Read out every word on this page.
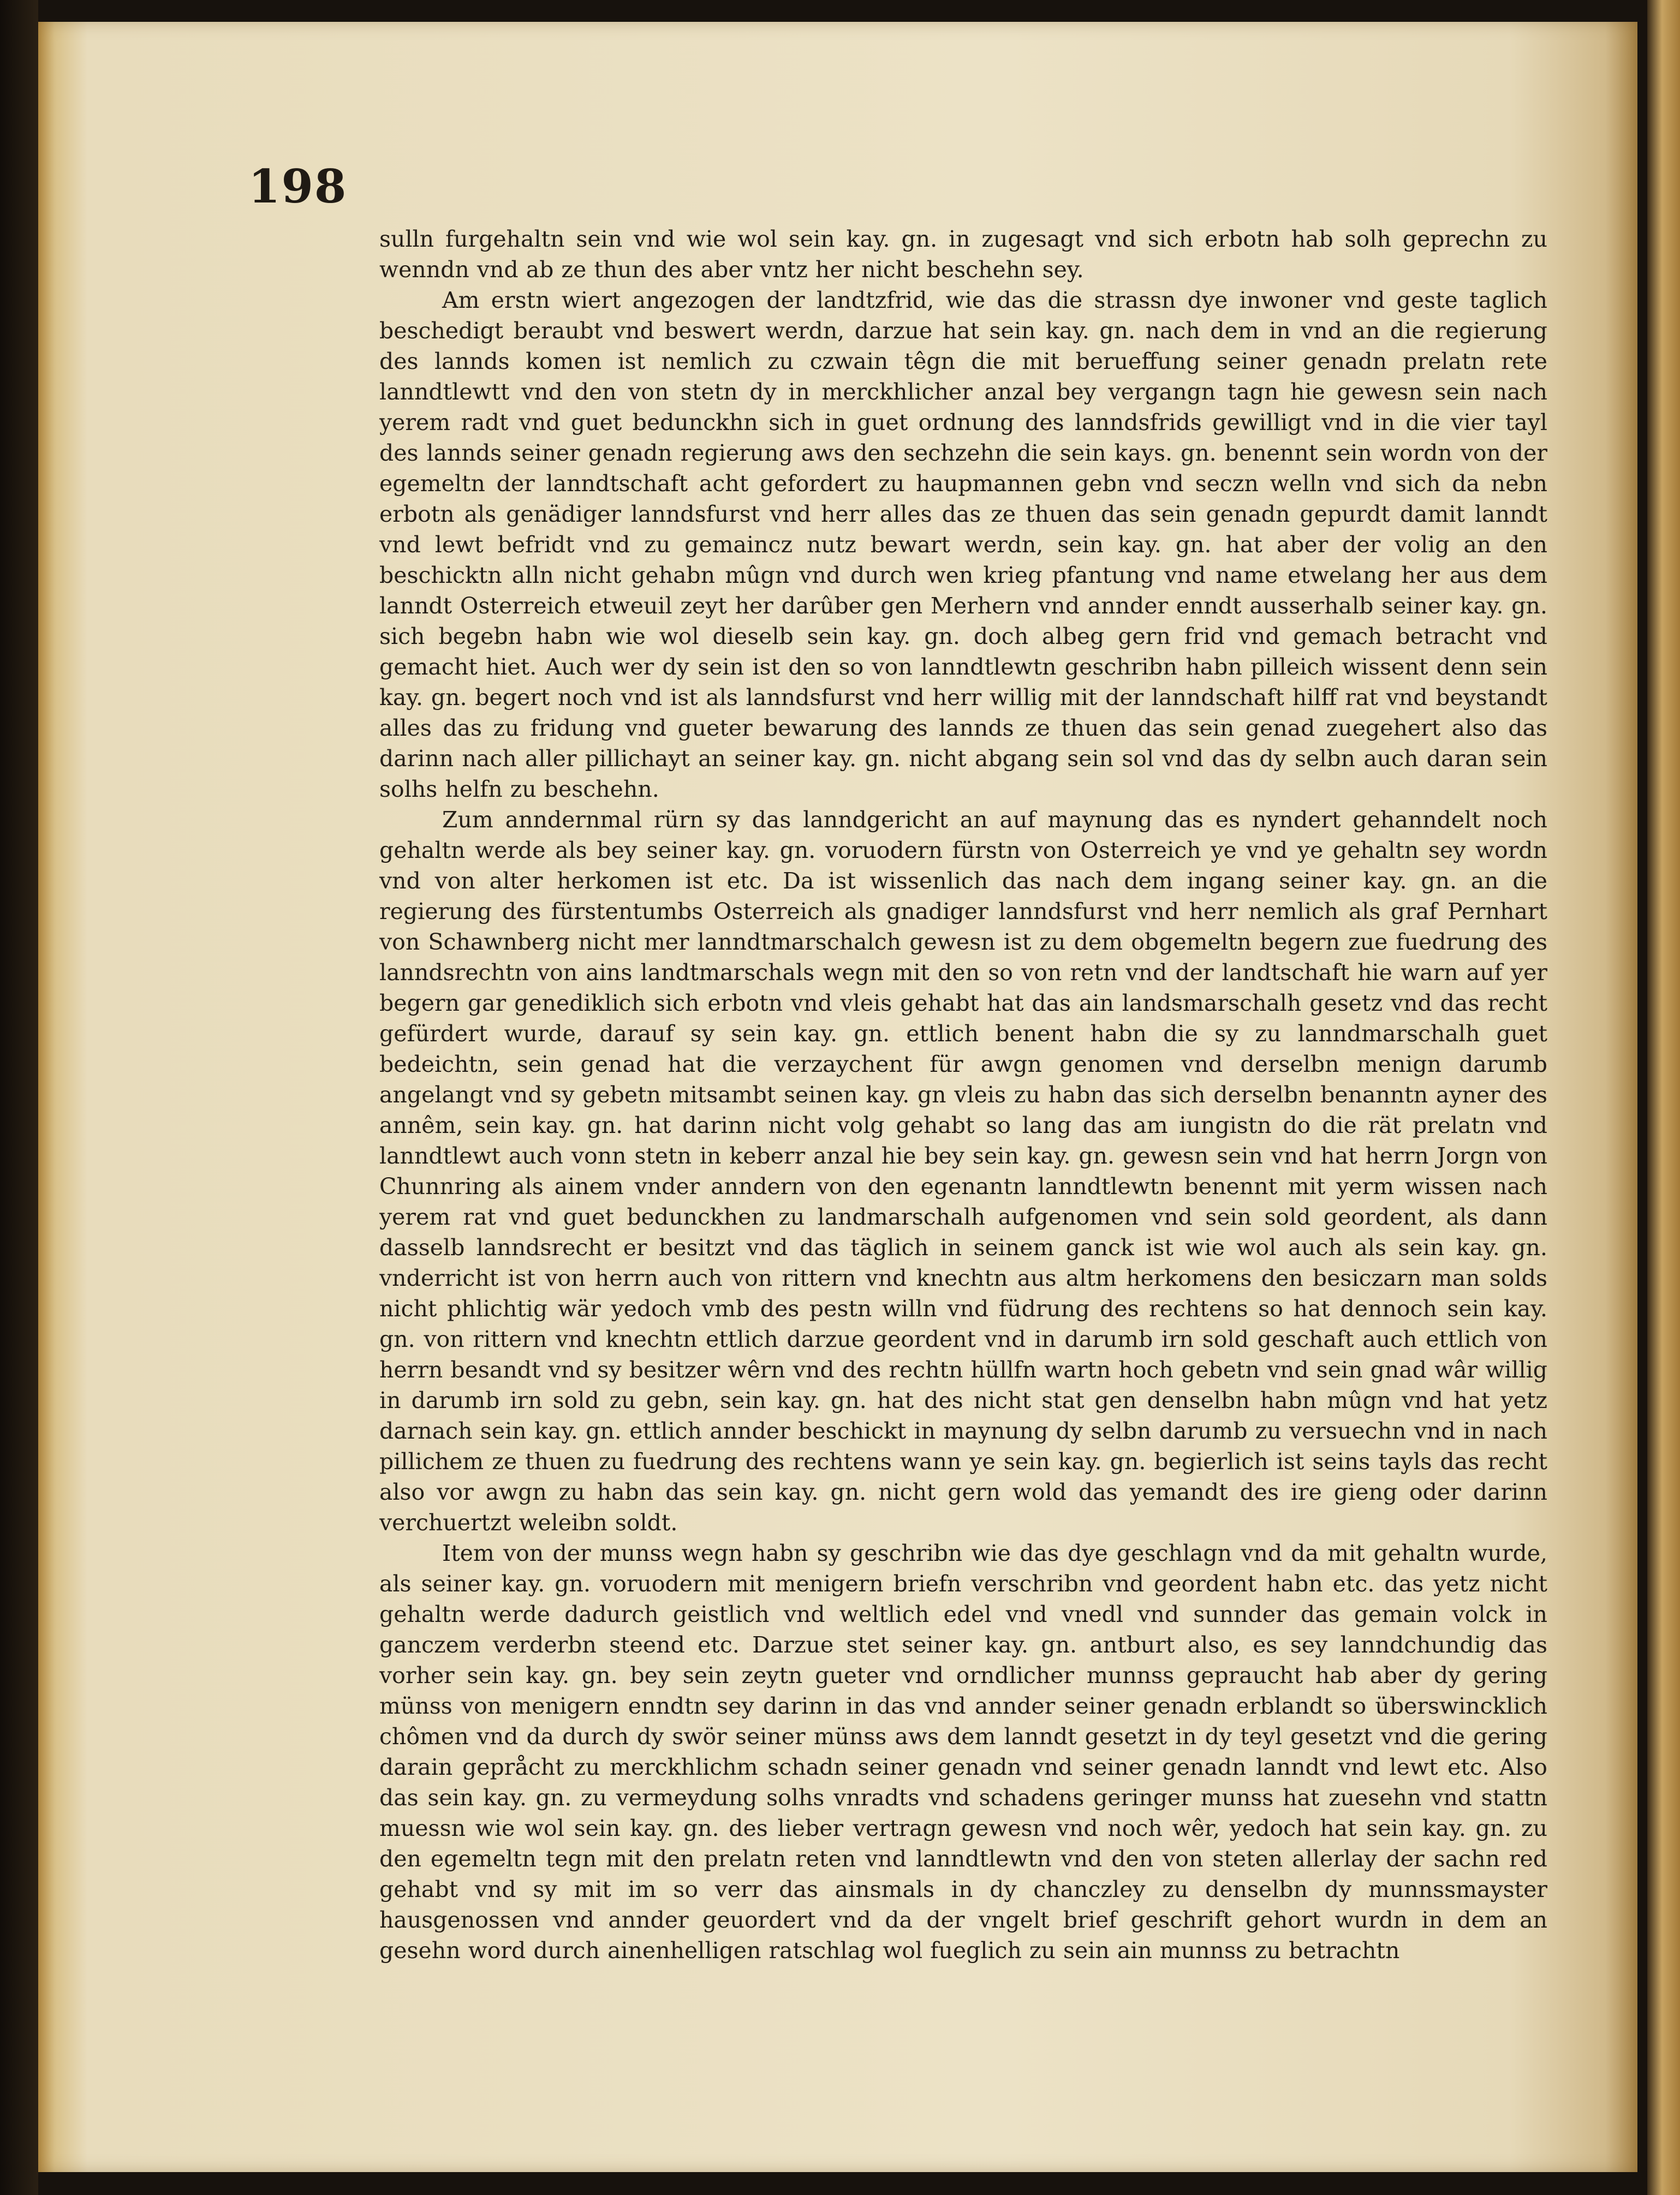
198

sulln furgehaltn sein vnd wie wol sein kay. gn. in zugesagt vnd sich erbotn hab solh geprechn zu wenndn vnd ab ze thun des aber vntz her nicht beschehn sey.

Am erstn wiert angezogen der landtzfrid, wie das die strassn dye inwoner vnd geste taglich beschedigt beraubt vnd beswert werdn, darzue hat sein kay. gn. nach dem in vnd an die regierung des lannds komen ist nemlich zu czwain têgn die mit berueffung seiner genadn prelatn rete lanndtlewtt vnd den von stetn dy in merckhlicher anzal bey vergangn tagn hie gewesn sein nach yerem radt vnd guet bedunckhn sich in guet ordnung des lanndsfrids gewilligt vnd in die vier tayl des lannds seiner genadn regierung aws den sechzehn die sein kays. gn. benennt sein wordn von der egemeltn der lanndtschaft acht gefordert zu haupmannen gebn vnd seczn welln vnd sich da nebn erbotn als genädiger lanndsfurst vnd herr alles das ze thuen das sein genadn gepurdt damit lanndt vnd lewt befridt vnd zu gemaincz nutz bewart werdn, sein kay. gn. hat aber der volig an den beschicktn alln nicht gehabn mûgn vnd durch wen krieg pfantung vnd name etwelang her aus dem lanndt Osterreich etweuil zeyt her darûber gen Merhern vnd annder enndt ausserhalb seiner kay. gn. sich begebn habn wie wol dieselb sein kay. gn. doch albeg gern frid vnd gemach betracht vnd gemacht hiet. Auch wer dy sein ist den so von lanndtlewtn geschribn habn pilleich wissent denn sein kay. gn. begert noch vnd ist als lanndsfurst vnd herr willig mit der lanndschaft hilff rat vnd beystandt alles das zu fridung vnd gueter bewarung des lannds ze thuen das sein genad zuegehert also das darinn nach aller pillichayt an seiner kay. gn. nicht abgang sein sol vnd das dy selbn auch daran sein solhs helfn zu beschehn.

Zum anndernmal rürn sy das lanndgericht an auf maynung das es nyndert gehanndelt noch gehaltn werde als bey seiner kay. gn. voruodern fürstn von Osterreich ye vnd ye gehaltn sey wordn vnd von alter herkomen ist etc. Da ist wissenlich das nach dem ingang seiner kay. gn. an die regierung des fürstentumbs Osterreich als gnadiger lanndsfurst vnd herr nemlich als graf Pernhart von Schawnberg nicht mer lanndtmarschalch gewesn ist zu dem obgemeltn begern zue fuedrung des lanndsrechtn von ains landtmarschals wegn mit den so von retn vnd der landtschaft hie warn auf yer begern gar genediklich sich erbotn vnd vleis gehabt hat das ain landsmarschalh gesetz vnd das recht gefürdert wurde, darauf sy sein kay. gn. ettlich benent habn die sy zu lanndmarschalh guet bedeichtn, sein genad hat die verzaychent für awgn genomen vnd derselbn menign darumb angelangt vnd sy gebetn mitsambt seinen kay. gn vleis zu habn das sich derselbn benanntn ayner des annêm, sein kay. gn. hat darinn nicht volg gehabt so lang das am iungistn do die rät prelatn vnd lanndtlewt auch vonn stetn in keberr anzal hie bey sein kay. gn. gewesn sein vnd hat herrn Jorgn von Chunnring als ainem vnder anndern von den egenantn lanndtlewtn benennt mit yerm wissen nach yerem rat vnd guet bedunckhen zu landmarschalh aufgenomen vnd sein sold geordent, als dann dasselb lanndsrecht er besitzt vnd das täglich in seinem ganck ist wie wol auch als sein kay. gn. vnderricht ist von herrn auch von rittern vnd knechtn aus altm herkomens den besiczarn man solds nicht phlichtig wär yedoch vmb des pestn willn vnd füdrung des rechtens so hat dennoch sein kay. gn. von rittern vnd knechtn ettlich darzue geordent vnd in darumb irn sold geschaft auch ettlich von herrn besandt vnd sy besitzer wêrn vnd des rechtn hüllfn wartn hoch gebetn vnd sein gnad wâr willig in darumb irn sold zu gebn, sein kay. gn. hat des nicht stat gen denselbn habn mûgn vnd hat yetz darnach sein kay. gn. ettlich annder beschickt in maynung dy selbn darumb zu versuechn vnd in nach pillichem ze thuen zu fuedrung des rechtens wann ye sein kay. gn. begierlich ist seins tayls das recht also vor awgn zu habn das sein kay. gn. nicht gern wold das yemandt des ire gieng oder darinn verchuertzt weleibn soldt.

Item von der munss wegn habn sy geschribn wie das dye geschlagn vnd da mit gehaltn wurde, als seiner kay. gn. voruodern mit menigern briefn verschribn vnd geordent habn etc. das yetz nicht gehaltn werde dadurch geistlich vnd weltlich edel vnd vnedl vnd sunnder das gemain volck in ganczem verderbn steend etc. Darzue stet seiner kay. gn. antburt also, es sey lanndchundig das vorher sein kay. gn. bey sein zeytn gueter vnd orndlicher munnss gepraucht hab aber dy gering münss von menigern enndtn sey darinn in das vnd annder seiner genadn erblandt so überswincklich chômen vnd da durch dy swör seiner münss aws dem lanndt gesetzt in dy teyl gesetzt vnd die gering darain gepråcht zu merckhlichm schadn seiner genadn vnd seiner genadn lanndt vnd lewt etc. Also das sein kay. gn. zu vermeydung solhs vnradts vnd schadens geringer munss hat zuesehn vnd stattn muessn wie wol sein kay. gn. des lieber vertragn gewesn vnd noch wêr, yedoch hat sein kay. gn. zu den egemeltn tegn mit den prelatn reten vnd lanndtlewtn vnd den von steten allerlay der sachn red gehabt vnd sy mit im so verr das ainsmals in dy chanczley zu denselbn dy munnssmayster hausgenossen vnd annder geuordert vnd da der vngelt brief geschrift gehort wurdn in dem an gesehn word durch ainenhelligen ratschlag wol fueglich zu sein ain munnss zu betrachtn
